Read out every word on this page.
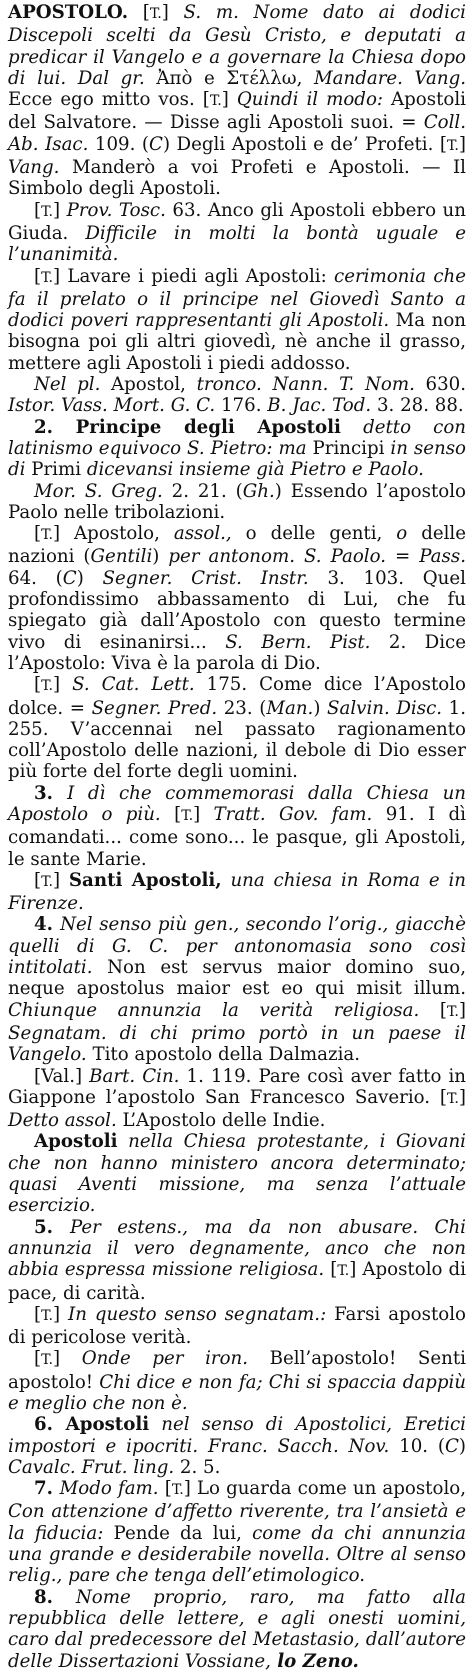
APOSTOLO. [T.] S. m. Nome dato ai dodici Discepoli scelti da Gesù Cristo, e deputati a predicar il Vangelo e a governare la Chiesa dopo di lui. Dal gr. Ἀπὸ e Στέλλω, Mandare. Vang. Ecce ego mitto vos. [T.] Quindi il modo: Apostoli del Salvatore. — Disse agli Apostoli suoi. = Coll. Ab. Isac. 109. (C) Degli Apostoli e de’ Profeti. [T.] Vang. Manderò a voi Profeti e Apostoli. — Il Simbolo degli Apostoli.

[T.] Prov. Tosc. 63. Anco gli Apostoli ebbero un Giuda. Difficile in molti la bontà uguale e l’unanimità.

[T.] Lavare i piedi agli Apostoli: cerimonia che fa il prelato o il principe nel Giovedì Santo a dodici poveri rappresentanti gli Apostoli. Ma non bisogna poi gli altri giovedì, nè anche il grasso, mettere agli Apostoli i piedi addosso.

Nel pl. Apostol, tronco. Nann. T. Nom. 630. Istor. Vass. Mort. G. C. 176. B. Jac. Tod. 3. 28. 88.

2. Principe degli Apostoli detto con latinismo equivoco S. Pietro: ma Principi in senso di Primi dicevansi insieme già Pietro e Paolo.

Mor. S. Greg. 2. 21. (Gh.) Essendo l’apostolo Paolo nelle tribolazioni.

[T.] Apostolo, assol., o delle genti, o delle nazioni (Gentili) per antonom. S. Paolo. = Pass. 64. (C) Segner. Crist. Instr. 3. 103. Quel profondissimo abbassamento di Lui, che fu spiegato già dall’Apostolo con questo termine vivo di esinanirsi... S. Bern. Pist. 2. Dice l’Apostolo: Viva è la parola di Dio.

[T.] S. Cat. Lett. 175. Come dice l’Apostolo dolce. = Segner. Pred. 23. (Man.) Salvin. Disc. 1. 255. V’accennai nel passato ragionamento coll’Apostolo delle nazioni, il debole di Dio esser più forte del forte degli uomini.

3. I dì che commemorasi dalla Chiesa un Apostolo o più. [T.] Tratt. Gov. fam. 91. I dì comandati... come sono... le pasque, gli Apostoli, le sante Marie.

[T.] Santi Apostoli, una chiesa in Roma e in Firenze.

4. Nel senso più gen., secondo l’orig., giacchè quelli di G. C. per antonomasia sono così intitolati. Non est servus maior domino suo, neque apostolus maior est eo qui misit illum. Chiunque annunzia la verità religiosa. [T.] Segnatam. di chi primo portò in un paese il Vangelo. Tito apostolo della Dalmazia.

[Val.] Bart. Cin. 1. 119. Pare così aver fatto in Giappone l’apostolo San Francesco Saverio. [T.] Detto assol. L’Apostolo delle Indie.

Apostoli nella Chiesa protestante, i Giovani che non hanno ministero ancora determinato; quasi Aventi missione, ma senza l’attuale esercizio.

5. Per estens., ma da non abusare. Chi annunzia il vero degnamente, anco che non abbia espressa missione religiosa. [T.] Apostolo di pace, di carità.

[T.] In questo senso segnatam.: Farsi apostolo di pericolose verità.

[T.] Onde per iron. Bell’apostolo! Senti apostolo! Chi dice e non fa; Chi si spaccia dappiù e meglio che non è.

6. Apostoli nel senso di Apostolici, Eretici impostori e ipocriti. Franc. Sacch. Nov. 10. (C) Cavalc. Frut. ling. 2. 5.

7. Modo fam. [T.] Lo guarda come un apostolo, Con attenzione d’affetto riverente, tra l’ansietà e la fiducia: Pende da lui, come da chi annunzia una grande e desiderabile novella. Oltre al senso relig., pare che tenga dell’etimologico.

8. Nome proprio, raro, ma fatto alla repubblica delle lettere, e agli onesti uomini, caro dal predecessore del Metastasio, dall’autore delle Dissertazioni Vossiane, lo Zeno.
